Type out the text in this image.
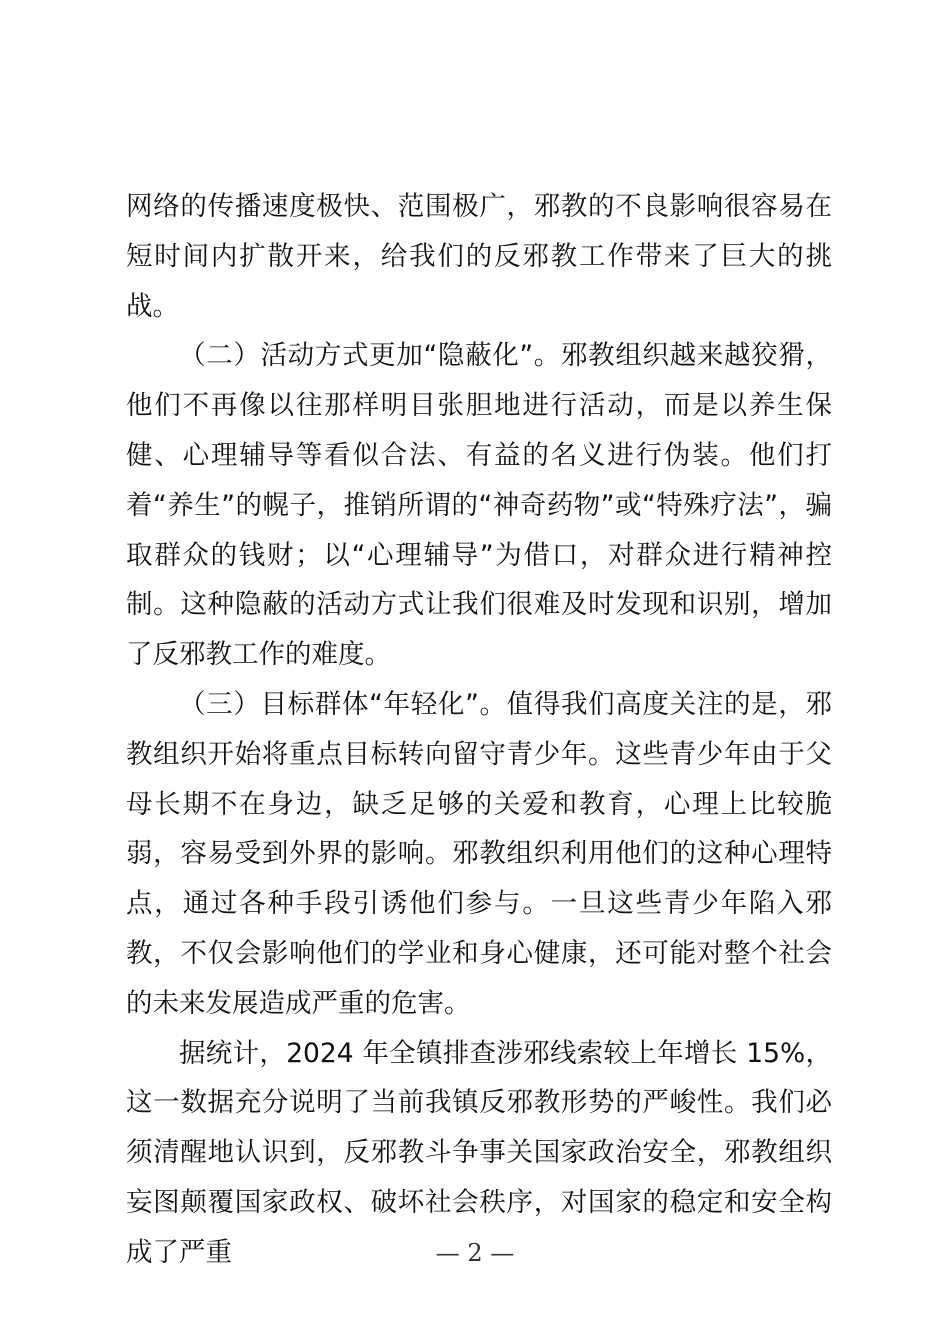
网络的传播速度极快、范围极广，邪教的不良影响很容易在短时间内扩散开来，给我们的反邪教工作带来了巨大的挑战。

（二）活动方式更加“隐蔽化”。邪教组织越来越狡猾，他们不再像以往那样明目张胆地进行活动，而是以养生保健、心理辅导等看似合法、有益的名义进行伪装。他们打着“养生”的幌子，推销所谓的“神奇药物”或“特殊疗法”，骗取群众的钱财；以“心理辅导”为借口，对群众进行精神控制。这种隐蔽的活动方式让我们很难及时发现和识别，增加了反邪教工作的难度。

（三）目标群体“年轻化”。值得我们高度关注的是，邪教组织开始将重点目标转向留守青少年。这些青少年由于父母长期不在身边，缺乏足够的关爱和教育，心理上比较脆弱，容易受到外界的影响。邪教组织利用他们的这种心理特点，通过各种手段引诱他们参与。一旦这些青少年陷入邪教，不仅会影响他们的学业和身心健康，还可能对整个社会的未来发展造成严重的危害。

据统计，2024 年全镇排查涉邪线索较上年增长 15%，这一数据充分说明了当前我镇反邪教形势的严峻性。我们必须清醒地认识到，反邪教斗争事关国家政治安全，邪教组织妄图颠覆国家政权、破坏社会秩序，对国家的稳定和安全构成了严重	— 2 —
